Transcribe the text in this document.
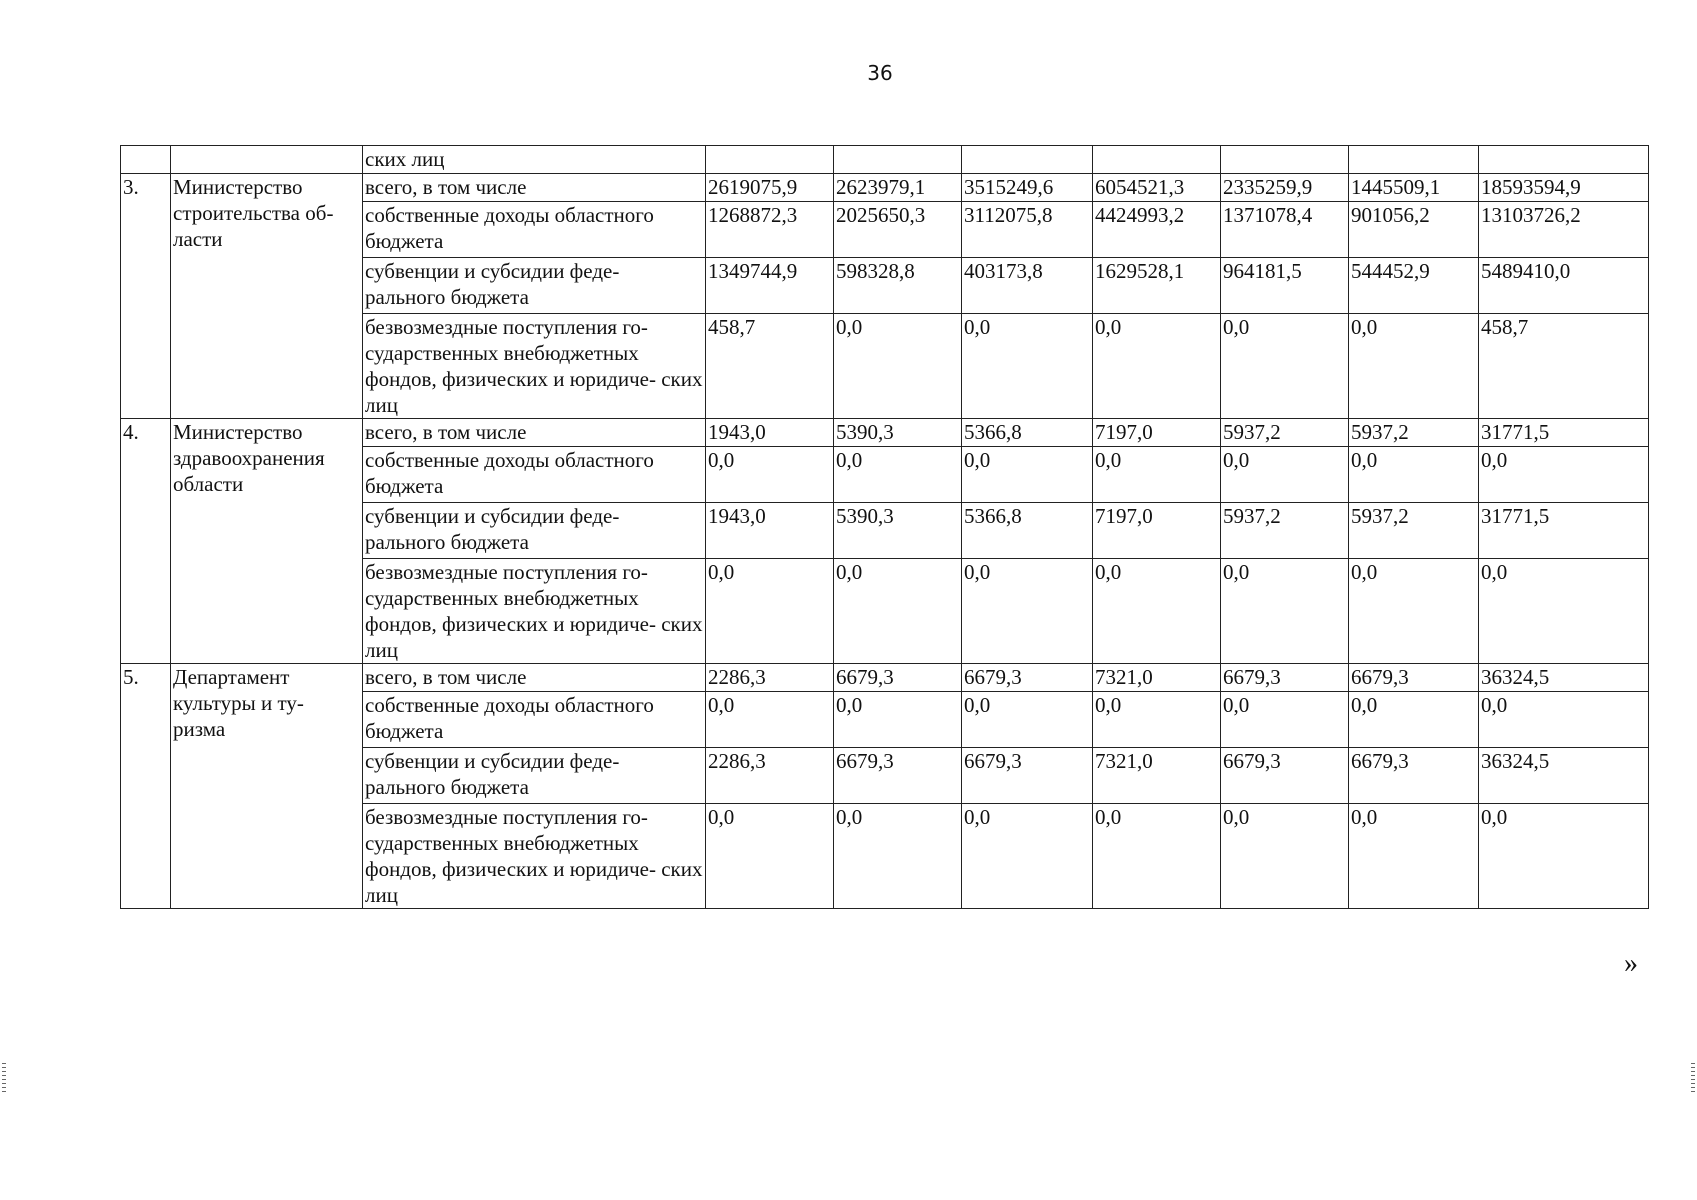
36
		ских лиц							
3.	Министерство строительства об- ласти	всего, в том числе	2619075,9	2623979,1	3515249,6	6054521,3	2335259,9	1445509,1	18593594,9
		собственные доходы областного бюджета	1268872,3	2025650,3	3112075,8	4424993,2	1371078,4	901056,2	13103726,2
		субвенции и субсидии феде- рального бюджета	1349744,9	598328,8	403173,8	1629528,1	964181,5	544452,9	5489410,0
		безвозмездные поступления го- сударственных внебюджетных фондов, физических и юридиче- ских лиц	458,7	0,0	0,0	0,0	0,0	0,0	458,7
4.	Министерство здравоохранения области	всего, в том числе	1943,0	5390,3	5366,8	7197,0	5937,2	5937,2	31771,5
		собственные доходы областного бюджета	0,0	0,0	0,0	0,0	0,0	0,0	0,0
		субвенции и субсидии феде- рального бюджета	1943,0	5390,3	5366,8	7197,0	5937,2	5937,2	31771,5
		безвозмездные поступления го- сударственных внебюджетных фондов, физических и юридиче- ских лиц	0,0	0,0	0,0	0,0	0,0	0,0	0,0
5.	Департамент культуры и ту- ризма	всего, в том числе	2286,3	6679,3	6679,3	7321,0	6679,3	6679,3	36324,5
		собственные доходы областного бюджета	0,0	0,0	0,0	0,0	0,0	0,0	0,0
		субвенции и субсидии феде- рального бюджета	2286,3	6679,3	6679,3	7321,0	6679,3	6679,3	36324,5
		безвозмездные поступления го- сударственных внебюджетных фондов, физических и юридиче- ских лиц	0,0	0,0	0,0	0,0	0,0	0,0	0,0
»
